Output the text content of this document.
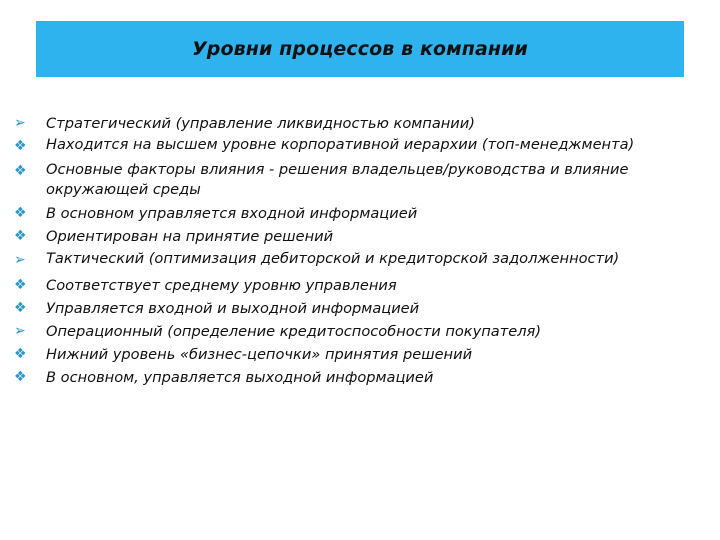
Уровни процессов в компании
➢	Стратегический (управление ликвидностью компании)
❖	Находится на высшем уровне корпоративной иерархии (топ-менеджмента)
❖	Основные факторы влияния - решения владельцев/руководства и влияние окружающей среды
❖	В основном управляется входной информацией
❖	Ориентирован на принятие решений
➢	Тактический (оптимизация дебиторской и кредиторской задолженности)
❖	Соответствует среднему уровню управления
❖	Управляется входной и выходной информацией
➢	Операционный (определение кредитоспособности покупателя)
❖	Нижний уровень «бизнес-цепочки» принятия решений
❖	В основном, управляется выходной информацией
